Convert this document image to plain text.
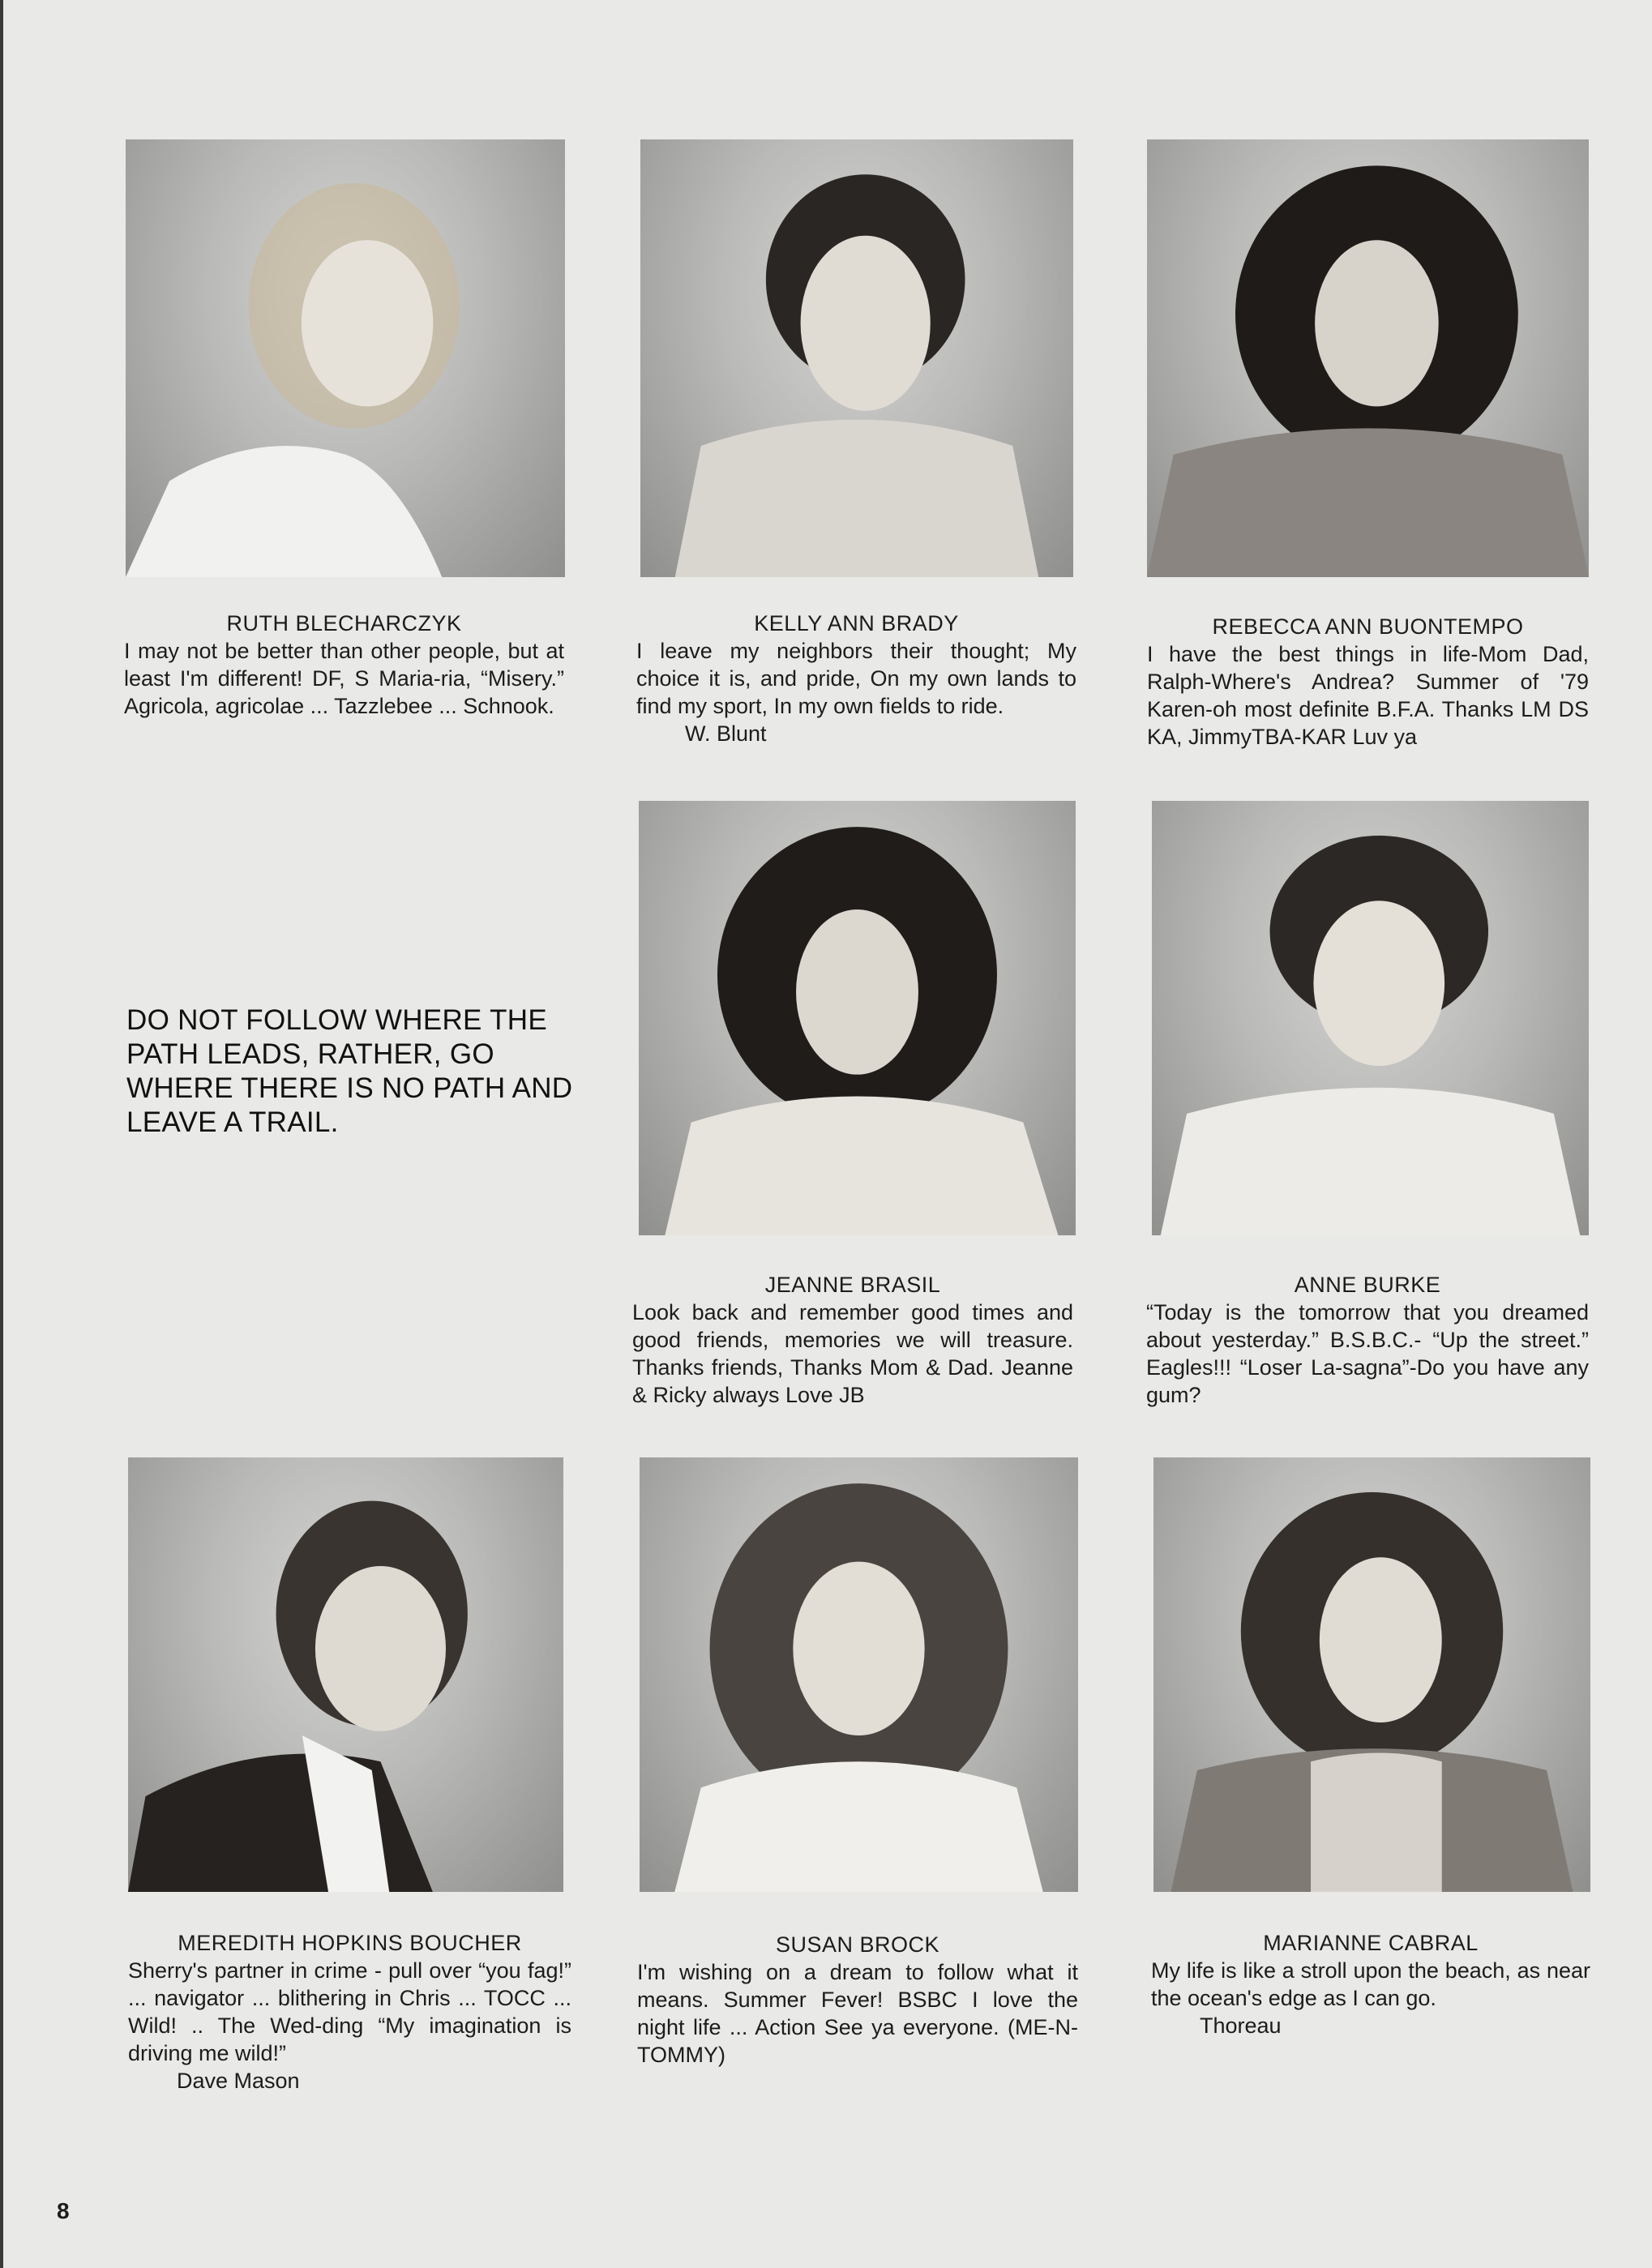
RUTH BLECHARCZYK
I may not be better than other people, but at least I'm different! DF, S Maria-ria, “Misery.” Agricola, agricolae ... Tazzlebee ... Schnook.
KELLY ANN BRADY
I leave my neighbors their thought; My choice it is, and pride, On my own lands to find my sport, In my own fields to ride.
W. Blunt
REBECCA ANN BUONTEMPO
I have the best things in life-Mom Dad, Ralph-Where's Andrea? Summer of '79 Karen-oh most definite B.F.A. Thanks LM DS KA, JimmyTBA-KAR Luv ya
DO NOT FOLLOW WHERE THE PATH LEADS, RATHER, GO WHERE THERE IS NO PATH AND LEAVE A TRAIL.
JEANNE BRASIL
Look back and remember good times and good friends, memories we will treasure. Thanks friends, Thanks Mom & Dad. Jeanne & Ricky always Love JB
ANNE BURKE
“Today is the tomorrow that you dreamed about yesterday.” B.S.B.C.- “Up the street.” Eagles!!! “Loser La-sagna”-Do you have any gum?
MEREDITH HOPKINS BOUCHER
Sherry's partner in crime - pull over “you fag!” ... navigator ... blithering in Chris ... TOCC ... Wild! .. The Wed-ding “My imagination is driving me wild!”
Dave Mason
SUSAN BROCK
I'm wishing on a dream to follow what it means. Summer Fever! BSBC I love the night life ... Action See ya everyone. (ME-N-TOMMY)
MARIANNE CABRAL
My life is like a stroll upon the beach, as near the ocean's edge as I can go.
Thoreau
8
